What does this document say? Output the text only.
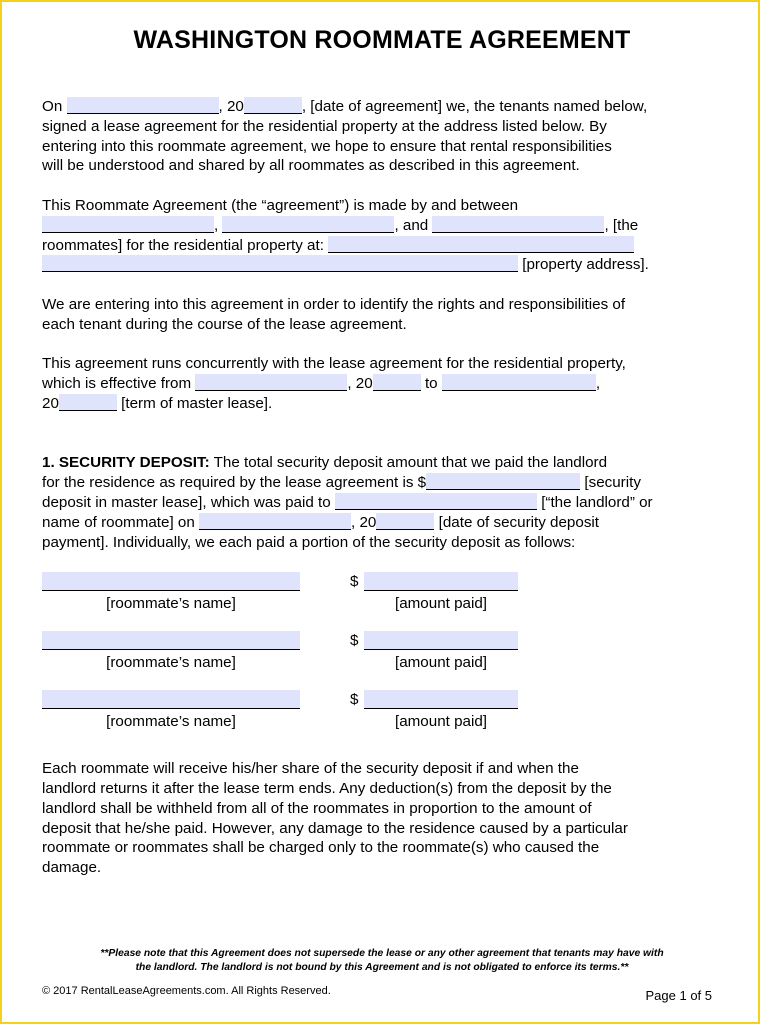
WASHINGTON ROOMMATE AGREEMENT
On	, 20	, [date of agreement] we, the tenants named below,
signed a lease agreement for the residential property at the address listed below. By
entering into this roommate agreement, we hope to ensure that rental responsibilities
will be understood and shared by all roommates as described in this agreement.
This Roommate Agreement (the “agreement”) is made by and between
,	, and	, [the
roommates] for the residential property at:
[property address].
We are entering into this agreement in order to identify the rights and responsibilities of
each tenant during the course of the lease agreement.
This agreement runs concurrently with the lease agreement for the residential property,
which is effective from	, 20	to	,
20	[term of master lease].
1. SECURITY DEPOSIT: The total security deposit amount that we paid the landlord
for the residence as required by the lease agreement is $	[security
deposit in master lease], which was paid to	[“the landlord” or
name of roommate] on	, 20	[date of security deposit
payment]. Individually, we each paid a portion of the security deposit as follows:
[roommate’s name]
$
[amount paid]
[roommate’s name]
$
[amount paid]
[roommate’s name]
$
[amount paid]
Each roommate will receive his/her share of the security deposit if and when the
landlord returns it after the lease term ends. Any deduction(s) from the deposit by the
landlord shall be withheld from all of the roommates in proportion to the amount of
deposit that he/she paid. However, any damage to the residence caused by a particular
roommate or roommates shall be charged only to the roommate(s) who caused the
damage.
**Please note that this Agreement does not supersede the lease or any other agreement that tenants may have with
the landlord. The landlord is not bound by this Agreement and is not obligated to enforce its terms.**
© 2017 RentalLeaseAgreements.com. All Rights Reserved.	Page 1 of 5
